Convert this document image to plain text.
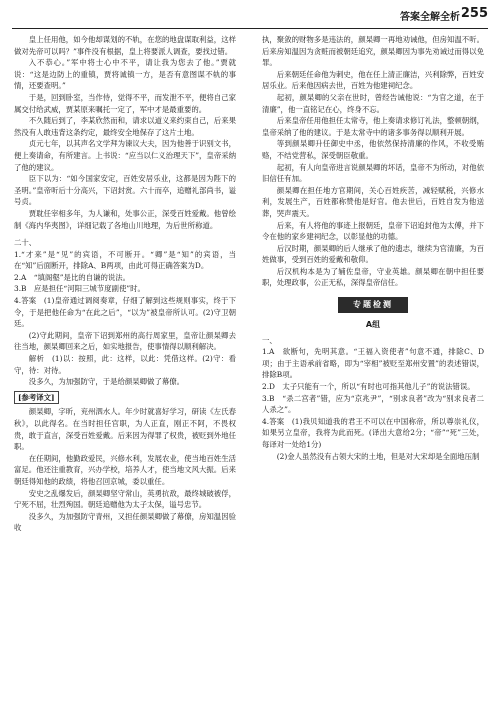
答案全解全析 255

皇上任用他，如今他却谋划的不轨，在您的地盘谋取利益，这样做对先帝可以吗？”事件没有根据，皇上将要派人调查，要找过错。

入不恭心。”军中将士心中不平，请让我为您去了他。”贾就说：“这是边防上的重镇，贾将诚镇一方，是否有意图谋不轨的事情，还要查明。”

于是，回到卧室，当作侍，觉得不平，而发泄不平，便将自己家属交付给武威，贾某原来嘱托一定了，军中才是最重要的。

不久随后到了，李某欣然而和，请求以道义来约束自己，后来果然没有人敢违背这条约定，最终安全地保存了这片土地。

贞元七年，以其声名文学拜为谏议大夫，因为他善于识别文书，便上奏请命，有所建言。上书说：“应当以仁义治理天下”，皇帝采纳了他的建议。

臣下以为：“如今国家安定，百姓安居乐业，这都是因为陛下的圣明。”皇帝听后十分高兴，下诏封赏。六十而卒，追赠礼部尚书，谥号贞。

贾耽任宰相多年，为人谦和，处事公正，深受百姓爱戴。他曾绘制《海内华夷图》，详细记载了各地山川地理，为后世所称道。

二十、

1.“才来”是“见”的宾语，不可断开。“卿”是“知”的宾语，当在“知”后面断开，排除A、B两项，由此可得正确答案为D。

2.A　“填阁壑”是比的自谦的说法。

3.B　应是担任“河阳三城节度副使”时。

4.答案　(1)皇帝通过调阅奏章，仔细了解到这些规则事实，终于下令，于是把他任命为“在此之后”，“以为”被皇帝所认可。(2)守卫朝廷。

(2)守此期间，皇帝下诏到郑州的高行周家里，皇帝让颜杲卿去往当地，颜杲卿回来之后，如实地报告，使事情得以顺利解决。

解析　(1)以：按照，此：这样，以此：凭借这样。(2)守：看守，待：对待。

没多久，为加强防守，于是给颜杲卿做了幕僚。

[参考译文]

颜杲卿，字昕，兖州泗水人。年少时就喜好学习，研读《左氏春秋》，以此得名。在当时担任官职，为人正直，刚正不阿，不畏权贵，敢于直言，深受百姓爱戴。后来因为得罪了权贵，被贬到外地任职。

在任期间，他勤政爱民，兴修水利，发展农业，使当地百姓生活富足。他还注重教育，兴办学校，培养人才，使当地文风大振。后来朝廷得知他的政绩，将他召回京城，委以重任。

安史之乱爆发后，颜杲卿坚守常山，英勇抗敌，最终城破被俘，宁死不屈，壮烈殉国。朝廷追赠他为太子太保，谥号忠节。

没多久，为加强防守青州，又担任颜杲卿做了幕僚，房知温因验收

执，聚敛的财物多是违法的，颜杲卿一再地劝诫他，但房知温不听。后来房知温因为贪赃而被朝廷追究，颜杲卿因为事先劝诫过而得以免罪。

后来朝廷任命他为刺史，他在任上清正廉洁，兴利除弊，百姓安居乐业。后来他因病去世，百姓为他建祠纪念。

起初，颜杲卿的父亲在世时，曾经告诫他说：“为官之道，在于清廉”，他一直铭记在心，终身不忘。

后来皇帝任用他担任太常寺，他上奏请求修订礼法，整顿朝纲，皇帝采纳了他的建议。于是太常寺中的诸多事务得以顺利开展。

等到颜杲卿升任御史中丞，他依然保持清廉的作风，不收受贿赂，不结党营私，深受朝臣敬重。

起初，有人向皇帝进言说颜杲卿的坏话，皇帝不为所动，对他依旧信任有加。

颜杲卿在担任地方官期间，关心百姓疾苦，减轻赋税，兴修水利，发展生产，百姓都称赞他是好官。他去世后，百姓自发为他送葬，哭声震天。

后来，有人将他的事迹上报朝廷，皇帝下诏追封他为太傅，并下令在他的家乡建祠纪念，以彰显他的功德。

后汉时期，颜杲卿的后人继承了他的遗志，继续为官清廉，为百姓做事，受到百姓的爱戴和敬仰。

后汉机构本是为了辅佐皇帝，守业英雄。颜杲卿在朝中担任要职，处理政事，公正无私，深得皇帝信任。

专题检测
A组

一、

1.A　欲断句，先明其意。“王福入资使者”句意不通，排除C、D项；由于主语承前省略，即为“宰相”被贬至郑州安置”的表述错误，排除B项。

2.D　太子只能有一个，所以“有时也可指其他儿子”的说法错误。

3.B　“杀二宫者”错，应为“京兆尹”，“别求良者”改为“别求良者二人杀之”。

4.答案　(1)我贝知道我的君王不可以在中国称帝，所以尊崇礼仪，如果另立皇帝，我将为此而死。(译出大意给2分；“帝”“死”三处，每译对一处给1分)

(2)金人虽然没有占领大宋的土地，但是对大宋却是全面地压制
